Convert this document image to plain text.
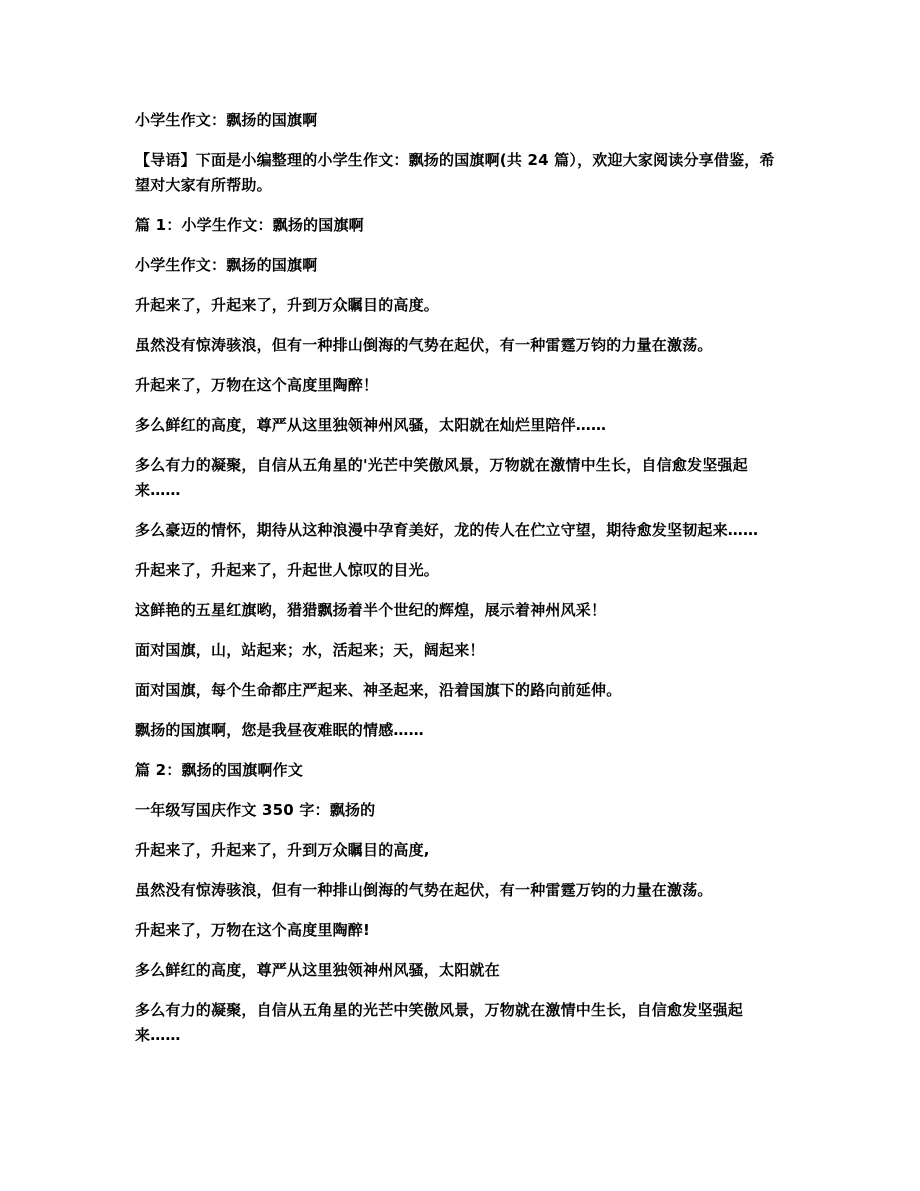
小学生作文：飘扬的国旗啊

【导语】下面是小编整理的小学生作文：飘扬的国旗啊(共 24 篇），欢迎大家阅读分享借鉴，希望对大家有所帮助。

篇 1：小学生作文：飘扬的国旗啊

小学生作文：飘扬的国旗啊

升起来了，升起来了，升到万众瞩目的高度。

虽然没有惊涛骇浪，但有一种排山倒海的气势在起伏，有一种雷霆万钧的力量在激荡。

升起来了，万物在这个高度里陶醉！

多么鲜红的高度，尊严从这里独领神州风骚，太阳就在灿烂里陪伴……

多么有力的凝聚，自信从五角星的'光芒中笑傲风景，万物就在激情中生长，自信愈发坚强起来……

多么豪迈的情怀，期待从这种浪漫中孕育美好，龙的传人在伫立守望，期待愈发坚韧起来……

升起来了，升起来了，升起世人惊叹的目光。

这鲜艳的五星红旗哟，猎猎飘扬着半个世纪的辉煌，展示着神州风采！

面对国旗，山，站起来；水，活起来；天，阔起来！

面对国旗，每个生命都庄严起来、神圣起来，沿着国旗下的路向前延伸。

飘扬的国旗啊，您是我昼夜难眠的情感……

篇 2：飘扬的国旗啊作文

一年级写国庆作文 350 字：飘扬的

升起来了，升起来了，升到万众瞩目的高度,

虽然没有惊涛骇浪，但有一种排山倒海的气势在起伏，有一种雷霆万钧的力量在激荡。

升起来了，万物在这个高度里陶醉!

多么鲜红的高度，尊严从这里独领神州风骚，太阳就在

多么有力的凝聚，自信从五角星的光芒中笑傲风景，万物就在激情中生长，自信愈发坚强起来……
